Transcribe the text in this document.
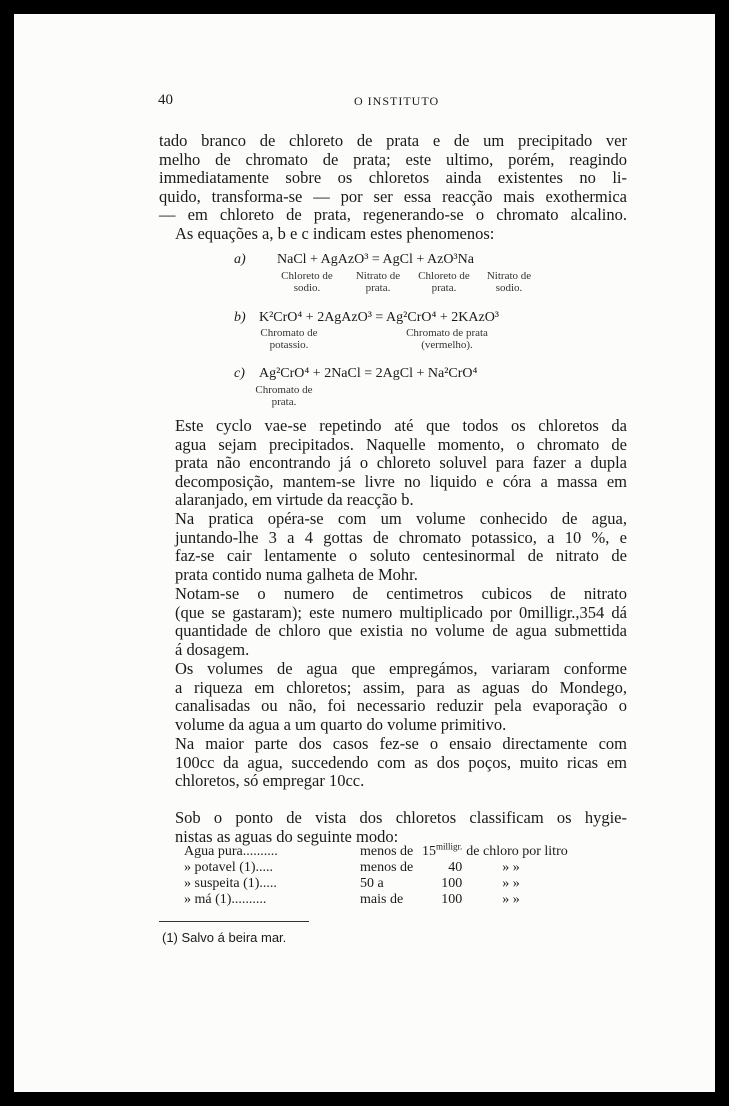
40	O INSTITUTO
tado branco de chloreto de prata e de um precipitado ver
melho de chromato de prata; este ultimo, porém, reagindo
immediatamente sobre os chloretos ainda existentes no li-
quido, transforma-se — por ser essa reacção mais exothermica
— em chloreto de prata, regenerando-se o chromato alcalino.
As equações a, b e c indicam estes phenomenos:
a) NaCl + AgAzO³ = AgCl + AzO³Na
Chloreto de sodio.
Nitrato de prata.
Chloreto de prata.
Nitrato de sodio.
b) K²CrO⁴ + 2AgAzO³ = Ag²CrO⁴ + 2KAzO³
Chromato de potassio.
Chromato de prata (vermelho).
c) Ag²CrO⁴ + 2NaCl = 2AgCl + Na²CrO⁴
Chromato de prata.
Este cyclo vae-se repetindo até que todos os chloretos da
agua sejam precipitados. Naquelle momento, o chromato de
prata não encontrando já o chloreto soluvel para fazer a dupla
decomposição, mantem-se livre no liquido e córa a massa em
alaranjado, em virtude da reacção b.
Na pratica opéra-se com um volume conhecido de agua,
juntando-lhe 3 a 4 gottas de chromato potassico, a 10 %, e
faz-se cair lentamente o soluto centesinormal de nitrato de
prata contido numa galheta de Mohr.
Notam-se o numero de centimetros cubicos de nitrato
(que se gastaram); este numero multiplicado por 0milligr.,354 dá
quantidade de chloro que existia no volume de agua submettida
á dosagem.
Os volumes de agua que empregámos, variaram conforme
a riqueza em chloretos; assim, para as aguas do Mondego,
canalisadas ou não, foi necessario reduzir pela evaporação o
volume da agua a um quarto do volume primitivo.
Na maior parte dos casos fez-se o ensaio directamente com
100cc da agua, succedendo com as dos poços, muito ricas em
chloretos, só empregar 10cc.
Sob o ponto de vista dos chloretos classificam os hygie-
nistas as aguas do seguinte modo:
Agua pura..........	menos de	$15^{milligr.}$	de chloro por litro
» potavel (1).....	menos de	40	» »
» suspeita (1).....	50 a	100	» »
» má (1)..........	mais de	100	» »
(1) Salvo á beira mar.
